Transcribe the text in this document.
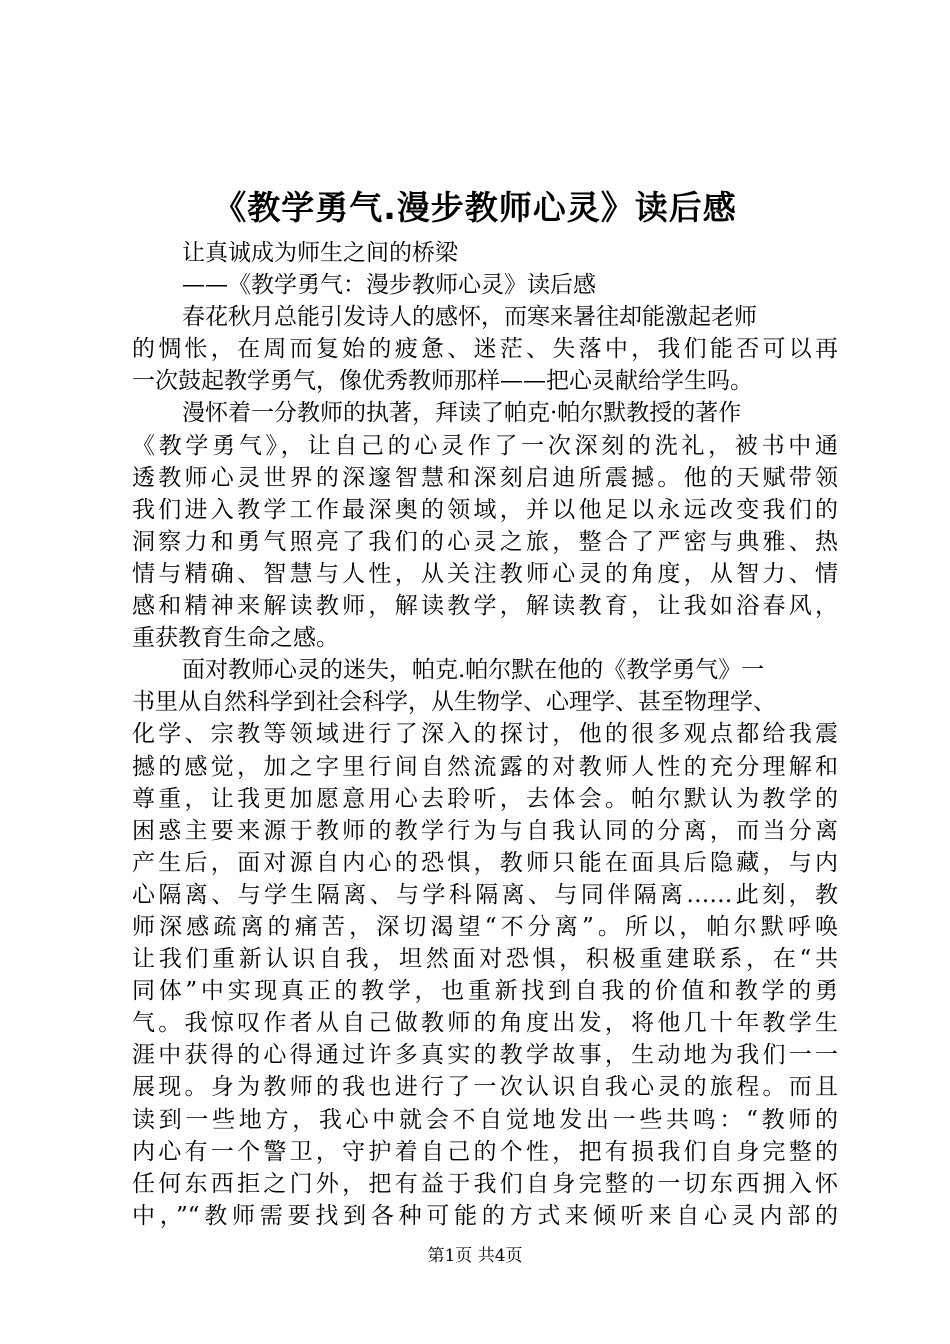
《教学勇气.漫步教师心灵》读后感
让真诚成为师生之间的桥梁
——《教学勇气：漫步教师心灵》读后感
春花秋月总能引发诗人的感怀，而寒来暑往却能激起老师
的惆怅，在周而复始的疲惫、迷茫、失落中，我们能否可以再
一次鼓起教学勇气，像优秀教师那样——把心灵献给学生吗。
漫怀着一分教师的执著，拜读了帕克·帕尔默教授的著作
《教学勇气》，让自己的心灵作了一次深刻的洗礼，被书中通
透教师心灵世界的深邃智慧和深刻启迪所震撼。他的天赋带领
我们进入教学工作最深奥的领域，并以他足以永远改变我们的
洞察力和勇气照亮了我们的心灵之旅，整合了严密与典雅、热
情与精确、智慧与人性，从关注教师心灵的角度，从智力、情
感和精神来解读教师，解读教学，解读教育，让我如浴春风，
重获教育生命之感。
面对教师心灵的迷失，帕克.帕尔默在他的《教学勇气》一
书里从自然科学到社会科学，从生物学、心理学、甚至物理学、
化学、宗教等领域进行了深入的探讨，他的很多观点都给我震
撼的感觉，加之字里行间自然流露的对教师人性的充分理解和
尊重，让我更加愿意用心去聆听，去体会。帕尔默认为教学的
困惑主要来源于教师的教学行为与自我认同的分离，而当分离
产生后，面对源自内心的恐惧，教师只能在面具后隐藏，与内
心隔离、与学生隔离、与学科隔离、与同伴隔离……此刻，教
师深感疏离的痛苦，深切渴望“不分离”。所以，帕尔默呼唤
让我们重新认识自我，坦然面对恐惧，积极重建联系，在“共
同体”中实现真正的教学，也重新找到自我的价值和教学的勇
气。我惊叹作者从自己做教师的角度出发，将他几十年教学生
涯中获得的心得通过许多真实的教学故事，生动地为我们一一
展现。身为教师的我也进行了一次认识自我心灵的旅程。而且
读到一些地方，我心中就会不自觉地发出一些共鸣：“教师的
内心有一个警卫，守护着自己的个性，把有损我们自身完整的
任何东西拒之门外，把有益于我们自身完整的一切东西拥入怀
中，”“教师需要找到各种可能的方式来倾听来自心灵内部的
第1页 共4页
